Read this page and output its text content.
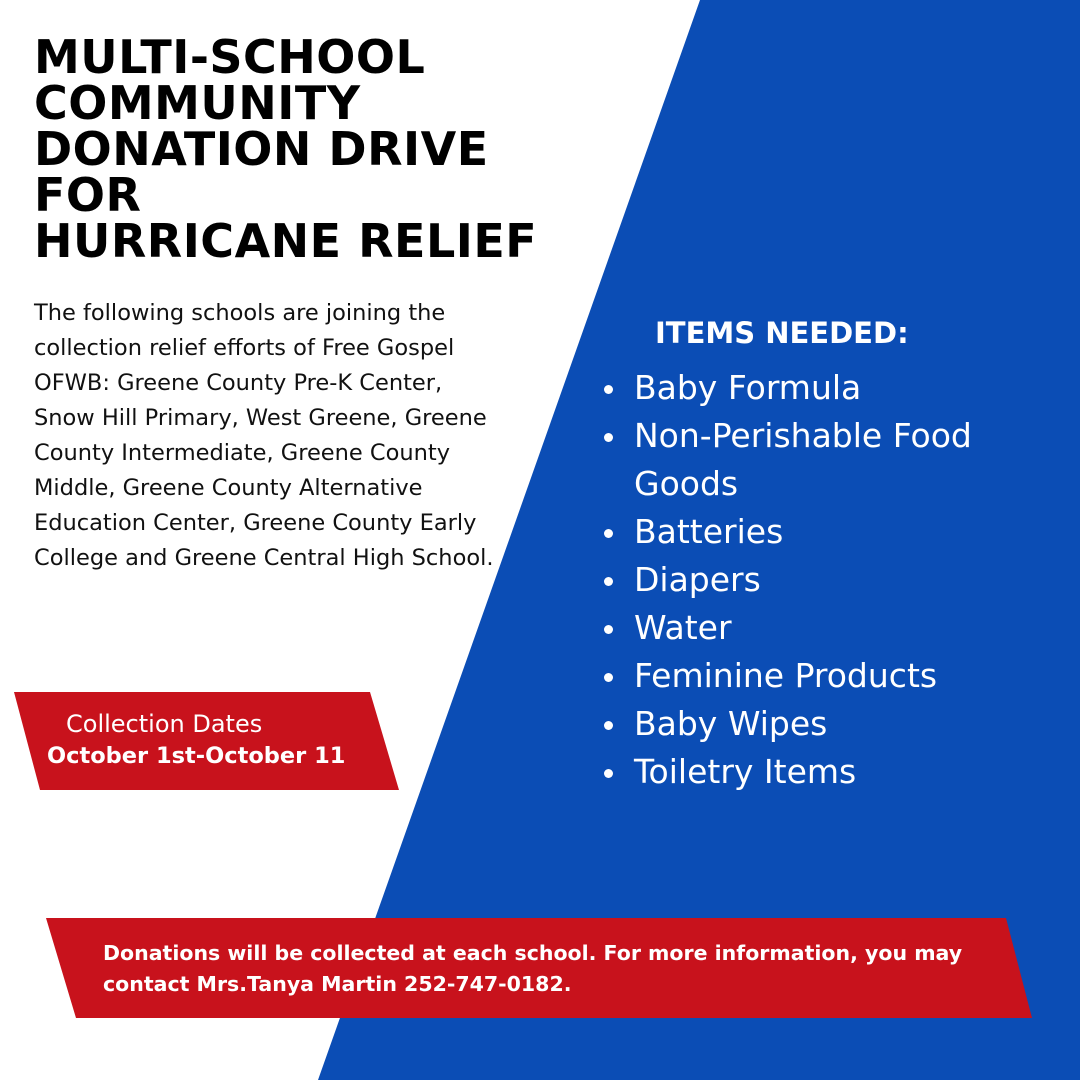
MULTI-SCHOOL
COMMUNITY
DONATION DRIVE
FOR
HURRICANE RELIEF

The following schools are joining the collection relief efforts of Free Gospel OFWB: Greene County Pre-K Center, Snow Hill Primary, West Greene, Greene County Intermediate, Greene County Middle, Greene County Alternative Education Center, Greene County Early College and Greene Central High School.

Collection Dates
October 1st-October 11
ITEMS NEEDED:
Baby Formula
Non-Perishable Food Goods
Batteries
Diapers
Water
Feminine Products
Baby Wipes
Toiletry Items

Donations will be collected at each school. For more information, you may contact Mrs.Tanya Martin 252-747-0182.
